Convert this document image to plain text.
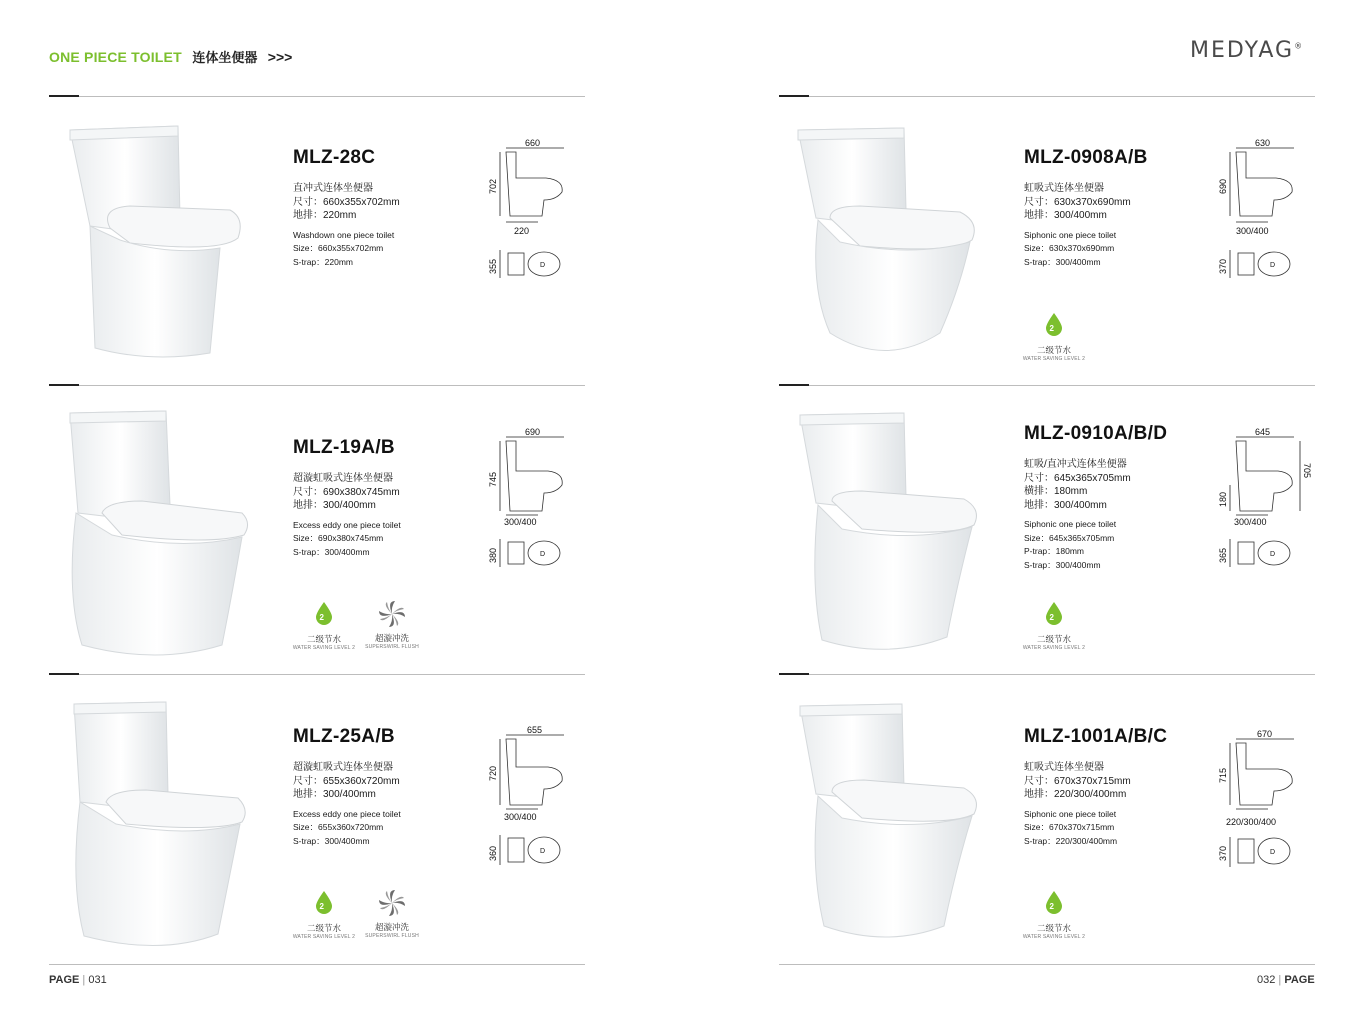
ONE PIECE TOILET 连体坐便器 >>>	MEDYAG®
MLZ-28C
直冲式连体坐便器
尺寸：660x355x702mm
地排：220mm
Washdown one piece toilet
Size：660x355x702mm
S-trap：220mm
MLZ-0908A/B
虹吸式连体坐便器
尺寸：630x370x690mm
地排：300/400mm
Siphonic one piece toilet
Size：630x370x690mm
S-trap：300/400mm
MLZ-19A/B
超漩虹吸式连体坐便器
尺寸：690x380x745mm
地排：300/400mm
Excess eddy one piece toilet
Size：690x380x745mm
S-trap：300/400mm
MLZ-0910A/B/D
虹吸/直冲式连体坐便器
尺寸：645x365x705mm
横排：180mm
地排：300/400mm
Siphonic one piece toilet
Size：645x365x705mm
P-trap：180mm
S-trap：300/400mm
MLZ-25A/B
超漩虹吸式连体坐便器
尺寸：655x360x720mm
地排：300/400mm
Excess eddy one piece toilet
Size：655x360x720mm
S-trap：300/400mm
MLZ-1001A/B/C
虹吸式连体坐便器
尺寸：670x370x715mm
地排：220/300/400mm
Siphonic one piece toilet
Size：670x370x715mm
S-trap：220/300/400mm
660
702
220
355	D
630
690
300/400
370	D
690
745
300/400
380	D
645
705
180
300/400
365	D
655
720
300/400
360	D
670
715
220/300/400
370	D
2
二级节水
WATER SAVING LEVEL 2
2
二级节水
WATER SAVING LEVEL 2
超漩冲洗
SUPERSWIRL FLUSH
2
二级节水
WATER SAVING LEVEL 2
2
二级节水
WATER SAVING LEVEL 2
超漩冲洗
SUPERSWIRL FLUSH
2
二级节水
WATER SAVING LEVEL 2
PAGE | 031	032 | PAGE
